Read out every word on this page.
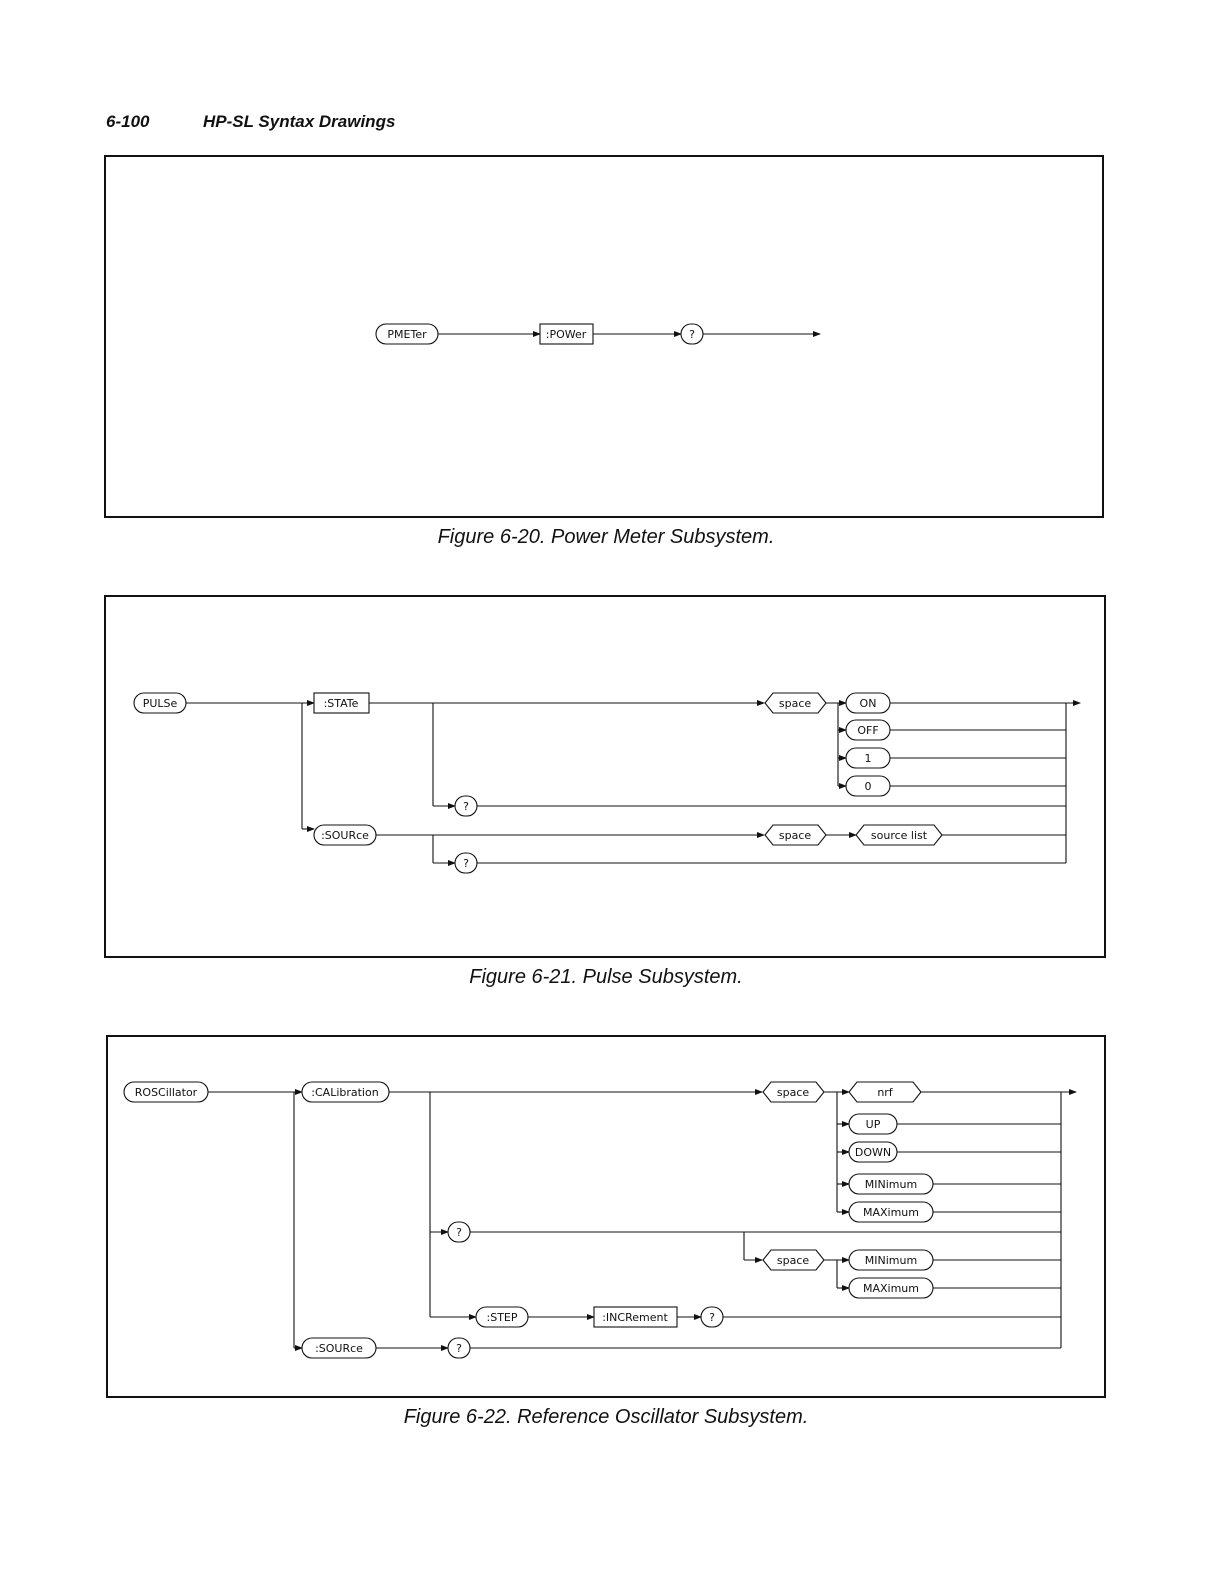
6-100	HP-SL Syntax Drawings
PMETer	:POWer	?
Figure 6-20. Power Meter Subsystem.
PULSe	:STATe	space	ON
OFF
1
0
?
:SOURce	space	source list
?
Figure 6-21. Pulse Subsystem.
ROSCillator	:CALibration	space	nrf
UP
DOWN
MINimum
MAXimum
?
space	MINimum
MAXimum
:STEP	:INCRement	?
:SOURce	?
Figure 6-22. Reference Oscillator Subsystem.
